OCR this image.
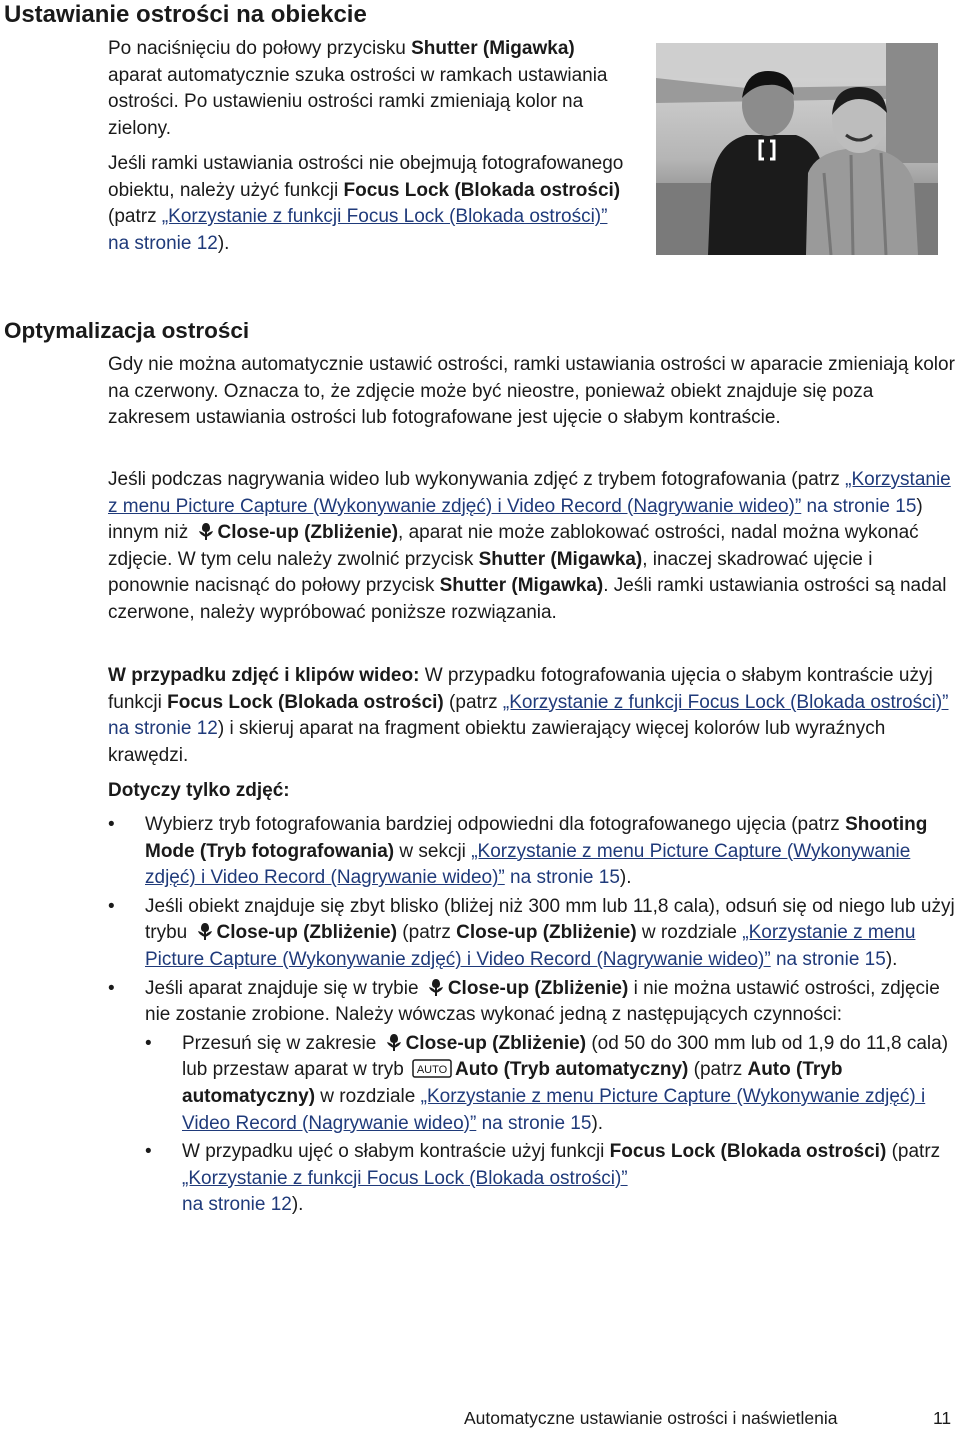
Ustawianie ostrości na obiekcie
Po naciśnięciu do połowy przycisku Shutter (Migawka) aparat automatycznie szuka ostrości w ramkach ustawiania ostrości. Po ustawieniu ostrości ramki zmieniają kolor na zielony.
Jeśli ramki ustawiania ostrości nie obejmują fotografowanego obiektu, należy użyć funkcji Focus Lock (Blokada ostrości) (patrz „Korzystanie z funkcji Focus Lock (Blokada ostrości)”
na stronie 12).
Optymalizacja ostrości
Gdy nie można automatycznie ustawić ostrości, ramki ustawiania ostrości w aparacie zmieniają kolor na czerwony. Oznacza to, że zdjęcie może być nieostre, ponieważ obiekt znajduje się poza zakresem ustawiania ostrości lub fotografowane jest ujęcie o słabym kontraście.
Jeśli podczas nagrywania wideo lub wykonywania zdjęć z trybem fotografowania (patrz „Korzystanie z menu Picture Capture (Wykonywanie zdjęć) i Video Record (Nagrywanie wideo)” na stronie 15) innym niż Close-up (Zbliżenie), aparat nie może zablokować ostrości, nadal można wykonać zdjęcie. W tym celu należy zwolnić przycisk Shutter (Migawka), inaczej skadrować ujęcie i ponownie nacisnąć do połowy przycisk Shutter (Migawka). Jeśli ramki ustawiania ostrości są nadal czerwone, należy wypróbować poniższe rozwiązania.
W przypadku zdjęć i klipów wideo: W przypadku fotografowania ujęcia o słabym kontraście użyj funkcji Focus Lock (Blokada ostrości) (patrz „Korzystanie z funkcji Focus Lock (Blokada ostrości)” na stronie 12) i skieruj aparat na fragment obiektu zawierający więcej kolorów lub wyraźnych krawędzi.
Dotyczy tylko zdjęć:
• Wybierz tryb fotografowania bardziej odpowiedni dla fotografowanego ujęcia (patrz Shooting Mode (Tryb fotografowania) w sekcji „Korzystanie z menu Picture Capture (Wykonywanie zdjęć) i Video Record (Nagrywanie wideo)” na stronie 15).
• Jeśli obiekt znajduje się zbyt blisko (bliżej niż 300 mm lub 11,8 cala), odsuń się od niego lub użyj trybu Close-up (Zbliżenie) (patrz Close-up (Zbliżenie) w rozdziale „Korzystanie z menu Picture Capture (Wykonywanie zdjęć) i Video Record (Nagrywanie wideo)” na stronie 15).
• Jeśli aparat znajduje się w trybie Close-up (Zbliżenie) i nie można ustawić ostrości, zdjęcie nie zostanie zrobione. Należy wówczas wykonać jedną z następujących czynności:
• Przesuń się w zakresie Close-up (Zbliżenie) (od 50 do 300 mm lub od 1,9 do 11,8 cala) lub przestaw aparat w tryb AUTO Auto (Tryb automatyczny) (patrz Auto (Tryb automatyczny) w rozdziale „Korzystanie z menu Picture Capture (Wykonywanie zdjęć) i Video Record (Nagrywanie wideo)” na stronie 15).
• W przypadku ujęć o słabym kontraście użyj funkcji Focus Lock (Blokada ostrości) (patrz „Korzystanie z funkcji Focus Lock (Blokada ostrości)”
na stronie 12).
Automatyczne ustawianie ostrości i naświetlenia	11
